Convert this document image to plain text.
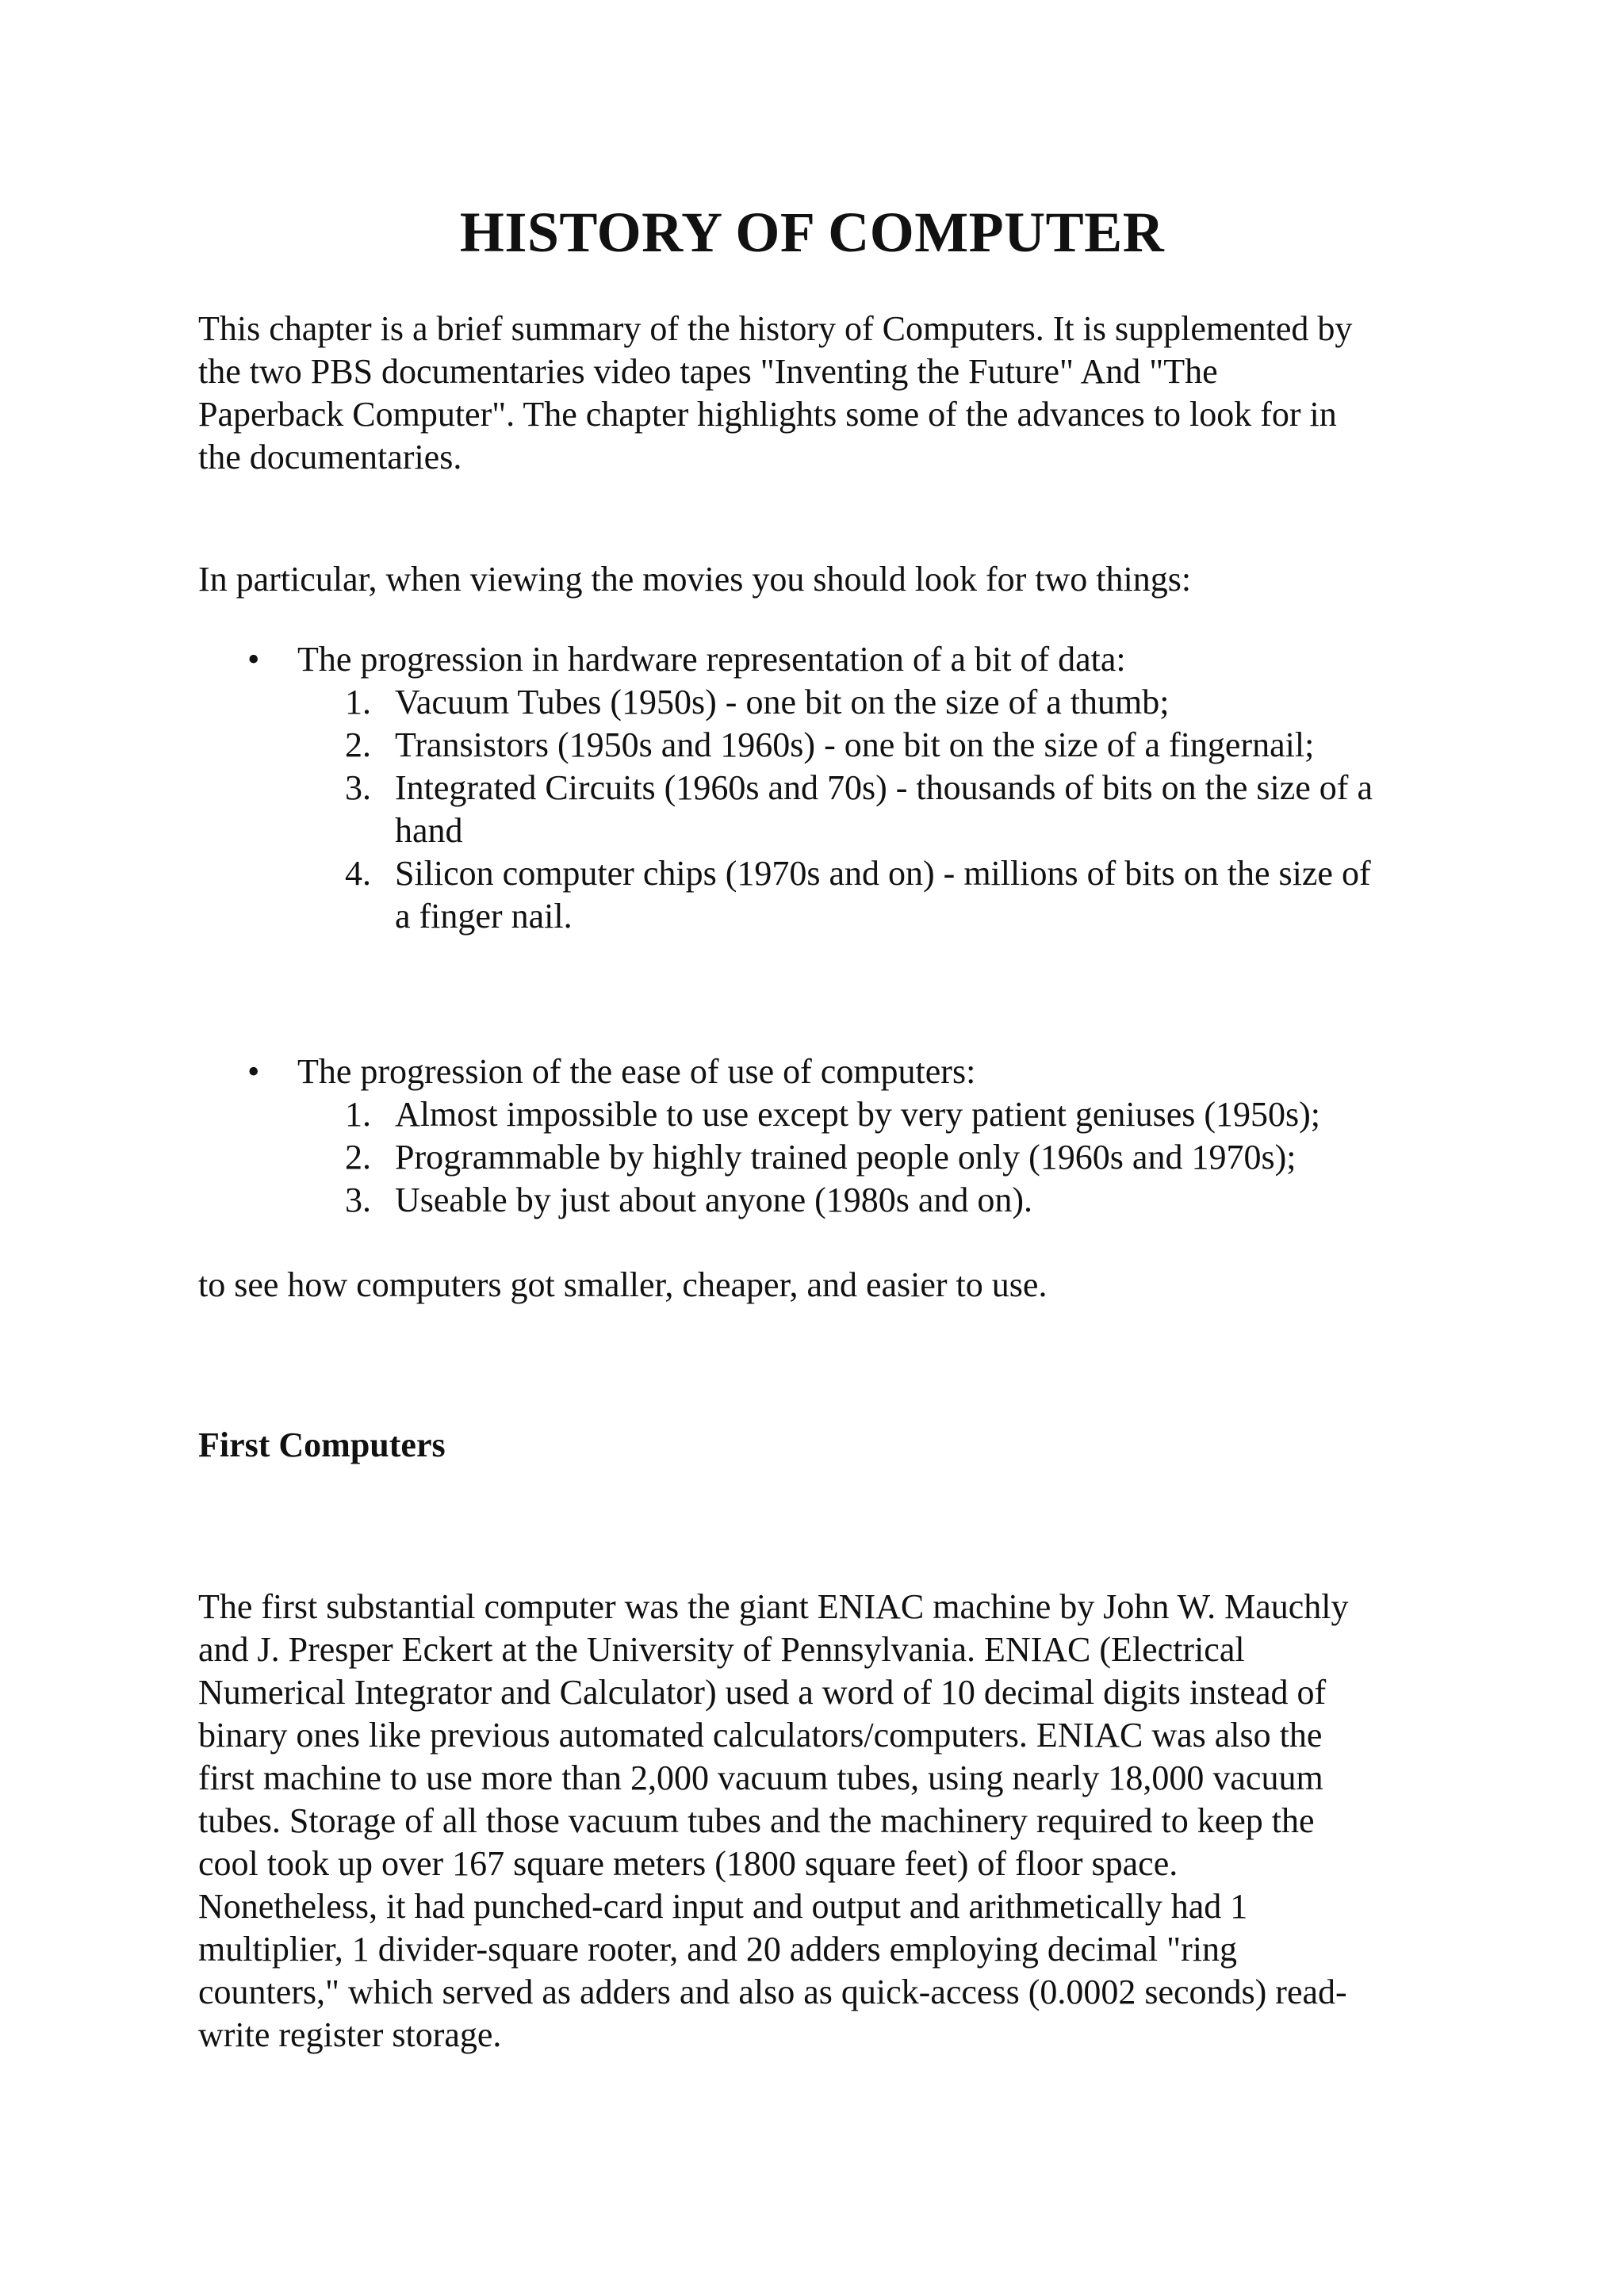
HISTORY OF COMPUTER

This chapter is a brief summary of the history of Computers. It is supplemented by
the two PBS documentaries video tapes "Inventing the Future" And "The
Paperback Computer". The chapter highlights some of the advances to look for in
the documentaries.

In particular, when viewing the movies you should look for two things:

• The progression in hardware representation of a bit of data:
1. Vacuum Tubes (1950s) - one bit on the size of a thumb;
2. Transistors (1950s and 1960s) - one bit on the size of a fingernail;
3. Integrated Circuits (1960s and 70s) - thousands of bits on the size of a
hand
4. Silicon computer chips (1970s and on) - millions of bits on the size of
a finger nail.
• The progression of the ease of use of computers:
1. Almost impossible to use except by very patient geniuses (1950s);
2. Programmable by highly trained people only (1960s and 1970s);
3. Useable by just about anyone (1980s and on).

to see how computers got smaller, cheaper, and easier to use.

First Computers

The first substantial computer was the giant ENIAC machine by John W. Mauchly
and J. Presper Eckert at the University of Pennsylvania. ENIAC (Electrical
Numerical Integrator and Calculator) used a word of 10 decimal digits instead of
binary ones like previous automated calculators/computers. ENIAC was also the
first machine to use more than 2,000 vacuum tubes, using nearly 18,000 vacuum
tubes. Storage of all those vacuum tubes and the machinery required to keep the
cool took up over 167 square meters (1800 square feet) of floor space.
Nonetheless, it had punched-card input and output and arithmetically had 1
multiplier, 1 divider-square rooter, and 20 adders employing decimal "ring
counters," which served as adders and also as quick-access (0.0002 seconds) read-
write register storage.
